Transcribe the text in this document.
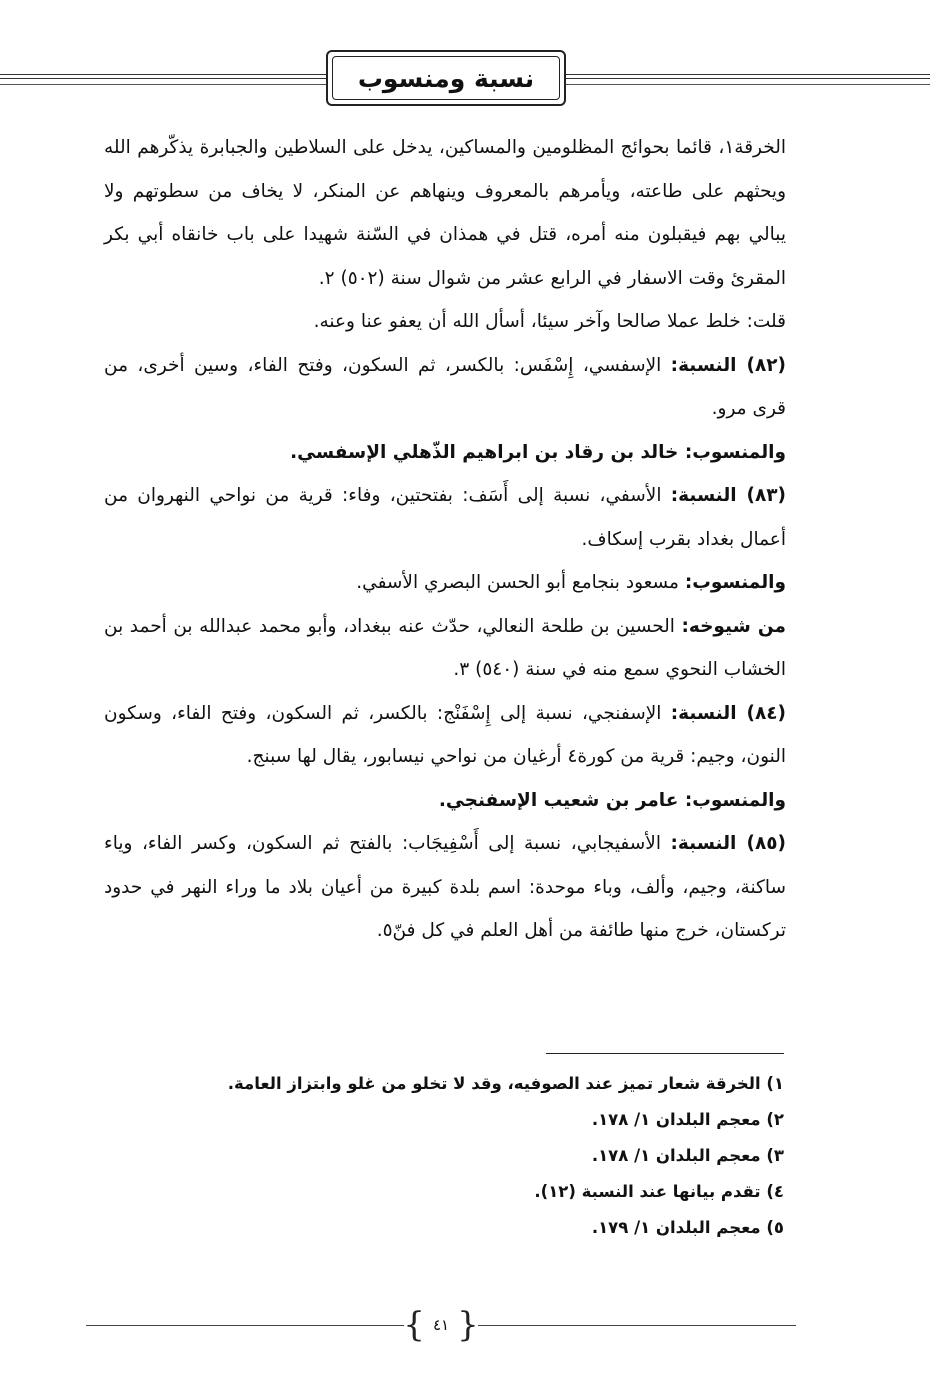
نسبة ومنسوب

الخرقة١، قائما بحوائج المظلومين والمساكين، يدخل على السلاطين والجبابرة يذكّرهم الله ويحثهم على طاعته، ويأمرهم بالمعروف وينهاهم عن المنكر، لا يخاف من سطوتهم ولا يبالي بهم فيقبلون منه أمره، قتل في همذان في السّنة شهيدا على باب خانقاه أبي بكر المقرئ وقت الاسفار في الرابع عشر من شوال سنة (٥٠٢) ٢.

قلت: خلط عملا صالحا وآخر سيئا، أسأل الله أن يعفو عنا وعنه.

(٨٢) النسبة: الإسفسي، إِسْفَس: بالكسر، ثم السكون، وفتح الفاء، وسين أخرى، من قرى مرو.

والمنسوب: خالد بن رقاد بن ابراهيم الذّهلي الإسفسي.

(٨٣) النسبة: الأسفي، نسبة إلى أَسَف: بفتحتين، وفاء: قرية من نواحي النهروان من أعمال بغداد بقرب إسكاف.

والمنسوب: مسعود بنجامع أبو الحسن البصري الأسفي.

من شيوخه: الحسين بن طلحة النعالي، حدّث عنه ببغداد، وأبو محمد عبدالله بن أحمد بن الخشاب النحوي سمع منه في سنة (٥٤٠) ٣.

(٨٤) النسبة: الإسفنجي، نسبة إلى إِسْفَنْج: بالكسر، ثم السكون، وفتح الفاء، وسكون النون، وجيم: قرية من كورة٤ أرغيان من نواحي نيسابور، يقال لها سبنج.

والمنسوب: عامر بن شعيب الإسفنجي.

(٨٥) النسبة: الأسفيجابي، نسبة إلى أَسْفِيجَاب: بالفتح ثم السكون، وكسر الفاء، وياء ساكنة، وجيم، وألف، وباء موحدة: اسم بلدة كبيرة من أعيان بلاد ما وراء النهر في حدود تركستان، خرج منها طائفة من أهل العلم في كل فنّ٥.

١) الخرقة شعار تميز عند الصوفيه، وقد لا تخلو من غلو وابتزاز العامة.
٢) معجم البلدان ١/ ١٧٨.
٣) معجم البلدان ١/ ١٧٨.
٤) تقدم بيانها عند النسبة (١٢).
٥) معجم البلدان ١/ ١٧٩.
{ ٤١ }
